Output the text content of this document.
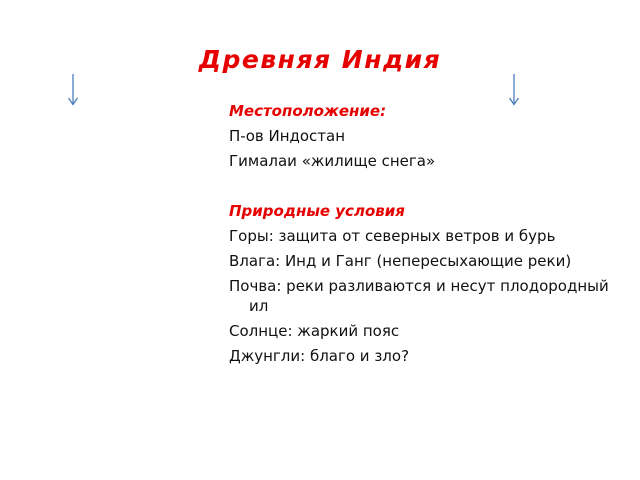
Древняя Индия
Местоположение:
П-ов Индостан
Гималаи «жилище снега»
Природные условия
Горы: защита от северных ветров и бурь
Влага: Инд и Ганг (непересыхающие реки)
Почва: реки разливаются и несут плодородный ил
Солнце: жаркий пояс
Джунгли: благо и зло?
